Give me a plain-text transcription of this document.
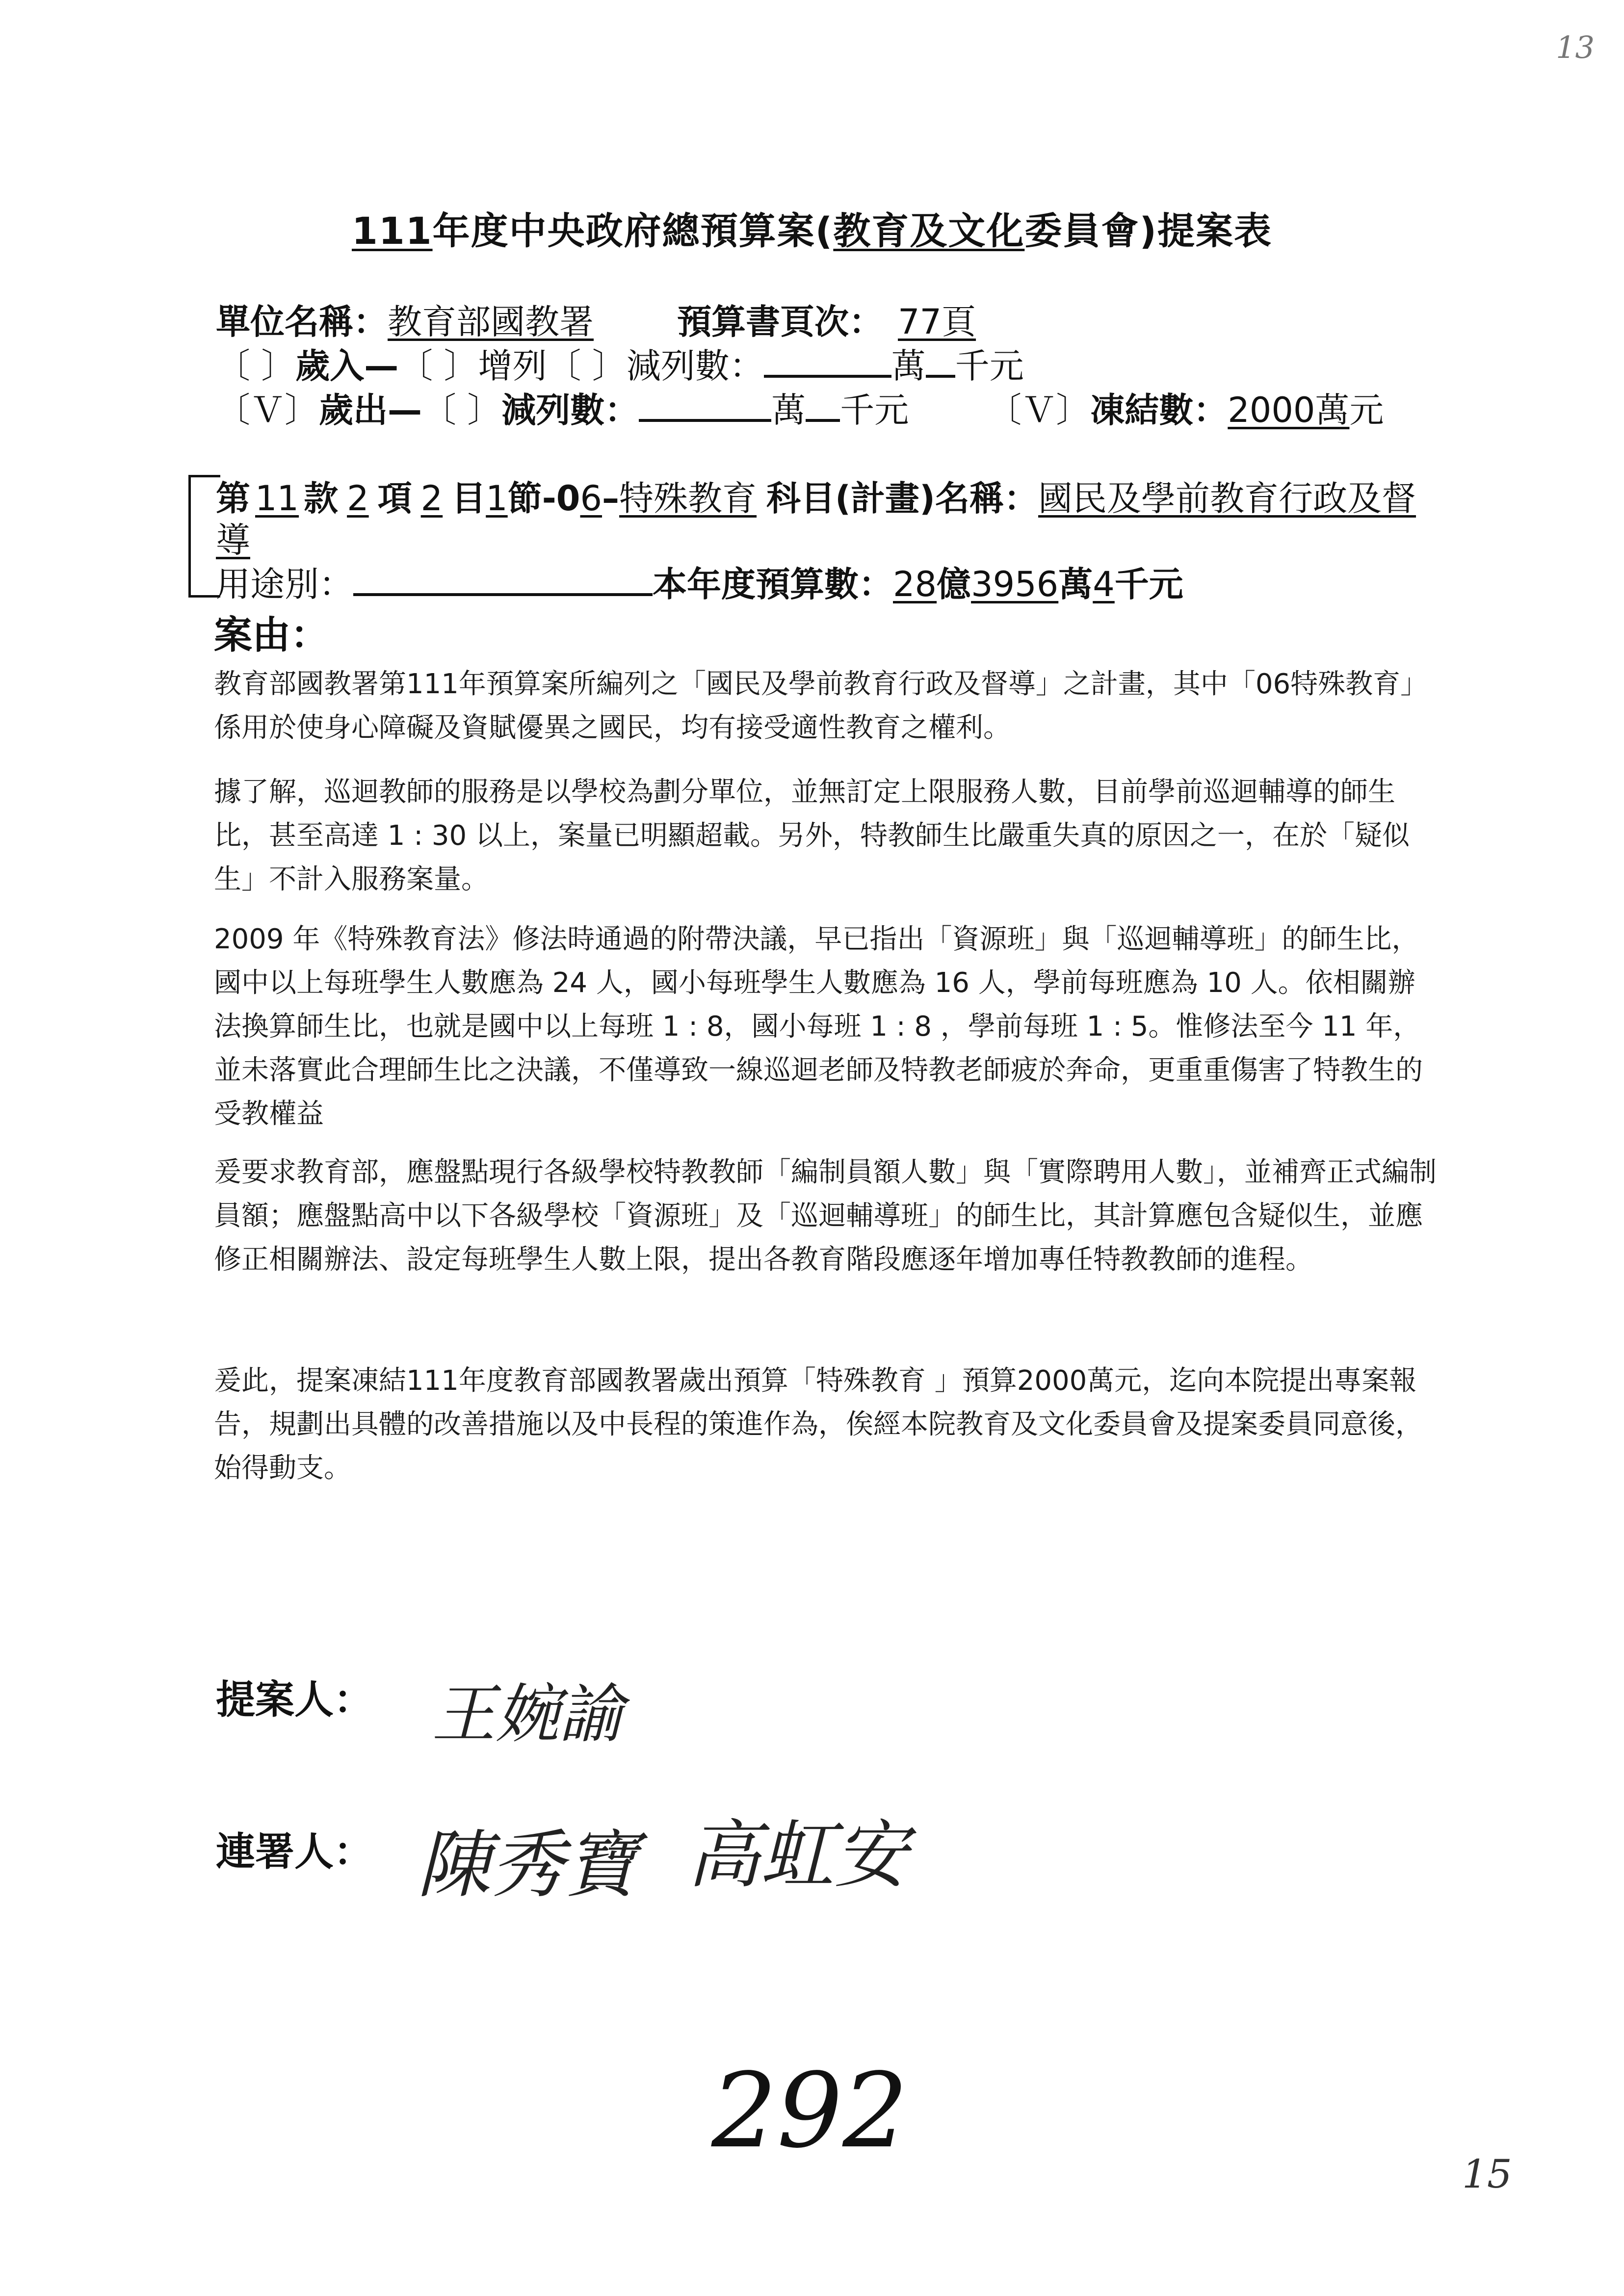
13
111年度中央政府總預算案(教育及文化委員會)提案表
單位名稱：教育部國教署 預算書頁次： 77頁
〔 〕歲入—〔 〕增列〔 〕減列數：	萬 千元
〔Ｖ〕歲出—〔 〕減列數：	萬 千元 〔Ｖ〕凍結數：2000萬元
第 11 款 2 項 2 目1節-06–特殊教育 科目(計畫)名稱：國民及學前教育行政及督
導
用途別：	本年度預算數：28億3956萬4千元
案由：
教育部國教署第111年預算案所編列之「國民及學前教育行政及督導」之計畫，其中「06特殊教育」係用於使身心障礙及資賦優異之國民，均有接受適性教育之權利。
據了解，巡迴教師的服務是以學校為劃分單位，並無訂定上限服務人數，目前學前巡迴輔導的師生比，甚至高達 1 : 30 以上，案量已明顯超載。另外，特教師生比嚴重失真的原因之一，在於「疑似生」不計入服務案量。
2009 年《特殊教育法》修法時通過的附帶決議，早已指出「資源班」與「巡迴輔導班」的師生比，國中以上每班學生人數應為 24 人，國小每班學生人數應為 16 人，學前每班應為 10 人。依相關辦法換算師生比，也就是國中以上每班 1 : 8，國小每班 1 : 8 ，學前每班 1 : 5。惟修法至今 11 年，並未落實此合理師生比之決議，不僅導致一線巡迴老師及特教老師疲於奔命，更重重傷害了特教生的受教權益
爰要求教育部，應盤點現行各級學校特教教師「編制員額人數」與「實際聘用人數」，並補齊正式編制員額；應盤點高中以下各級學校「資源班」及「巡迴輔導班」的師生比，其計算應包含疑似生，並應修正相關辦法、設定每班學生人數上限，提出各教育階段應逐年增加專任特教教師的進程。
爰此，提案凍結111年度教育部國教署歲出預算「特殊教育 」預算2000萬元，迄向本院提出專案報告，規劃出具體的改善措施以及中長程的策進作為，俟經本院教育及文化委員會及提案委員同意後，始得動支。
提案人： 王婉諭
連署人： 陳秀寶 高虹安
292
15
